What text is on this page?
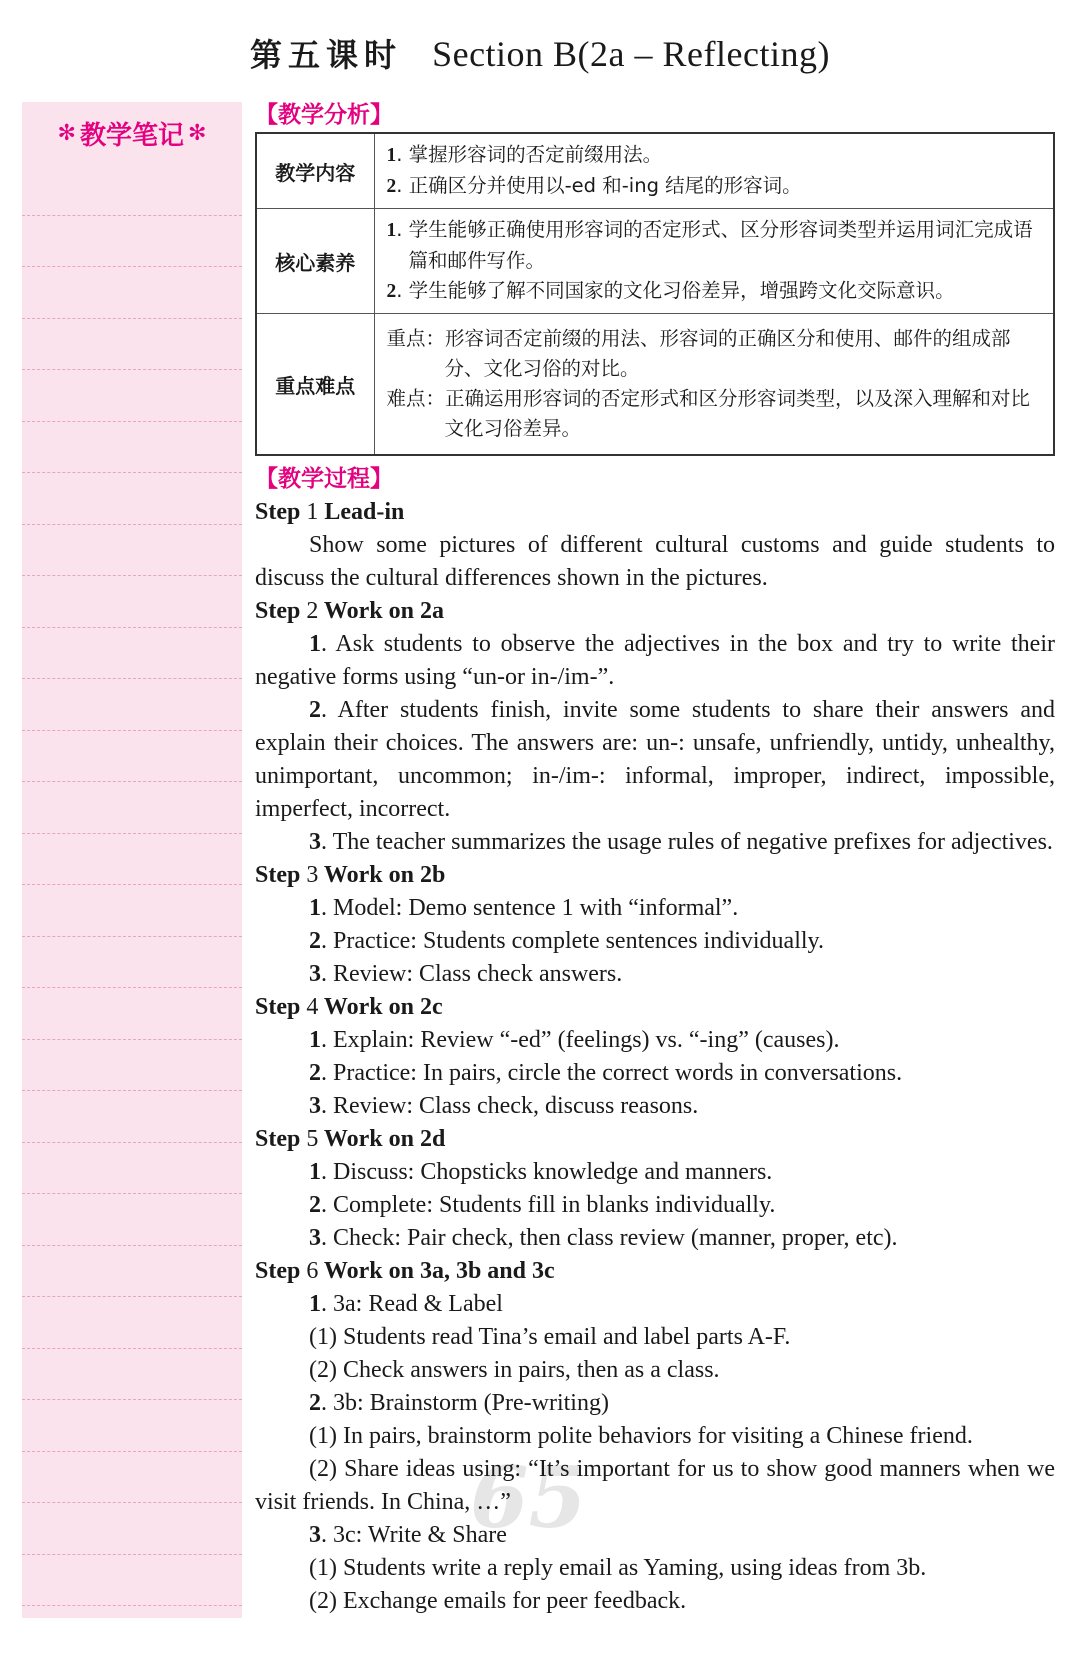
第五课时 Section B(2a – Reflecting)
✻ 教学笔记 ✻
【教学分析】
教学内容	1. 掌握形容词的否定前缀用法。
2. 正确区分并使用以-ed 和-ing 结尾的形容词。

核心素养	1. 学生能够正确使用形容词的否定形式、区分形容词类型并运用词汇完成语篇和邮件写作。
2. 学生能够了解不同国家的文化习俗差异，增强跨文化交际意识。

重点难点	重点：形容词否定前缀的用法、形容词的正确区分和使用、邮件的组成部分、文化习俗的对比。
难点：正确运用形容词的否定形式和区分形容词类型，以及深入理解和对比文化习俗差异。
【教学过程】
Step 1 Lead-in
Show some pictures of different cultural customs and guide students to discuss the cultural differences shown in the pictures.
Step 2 Work on 2a
1. Ask students to observe the adjectives in the box and try to write their negative forms using “un-or in-/im-”.
2. After students finish, invite some students to share their answers and explain their choices. The answers are: un-: unsafe, unfriendly, untidy, unhealthy, unimportant, uncommon; in-/im-: informal, improper, indirect, impossible, imperfect, incorrect.
3. The teacher summarizes the usage rules of negative prefixes for adjectives.
Step 3 Work on 2b
1. Model: Demo sentence 1 with “informal”.
2. Practice: Students complete sentences individually.
3. Review: Class check answers.
Step 4 Work on 2c
1. Explain: Review “-ed” (feelings) vs. “-ing” (causes).
2. Practice: In pairs, circle the correct words in conversations.
3. Review: Class check, discuss reasons.
Step 5 Work on 2d
1. Discuss: Chopsticks knowledge and manners.
2. Complete: Students fill in blanks individually.
3. Check: Pair check, then class review (manner, proper, etc).
Step 6 Work on 3a, 3b and 3c
1. 3a: Read & Label
(1) Students read Tina’s email and label parts A-F.
(2) Check answers in pairs, then as a class.
2. 3b: Brainstorm (Pre-writing)
(1) In pairs, brainstorm polite behaviors for visiting a Chinese friend.
(2) Share ideas using: “It’s important for us to show good manners when we visit friends. In China, …”
3. 3c: Write & Share
(1) Students write a reply email as Yaming, using ideas from 3b.
(2) Exchange emails for peer feedback.
65
